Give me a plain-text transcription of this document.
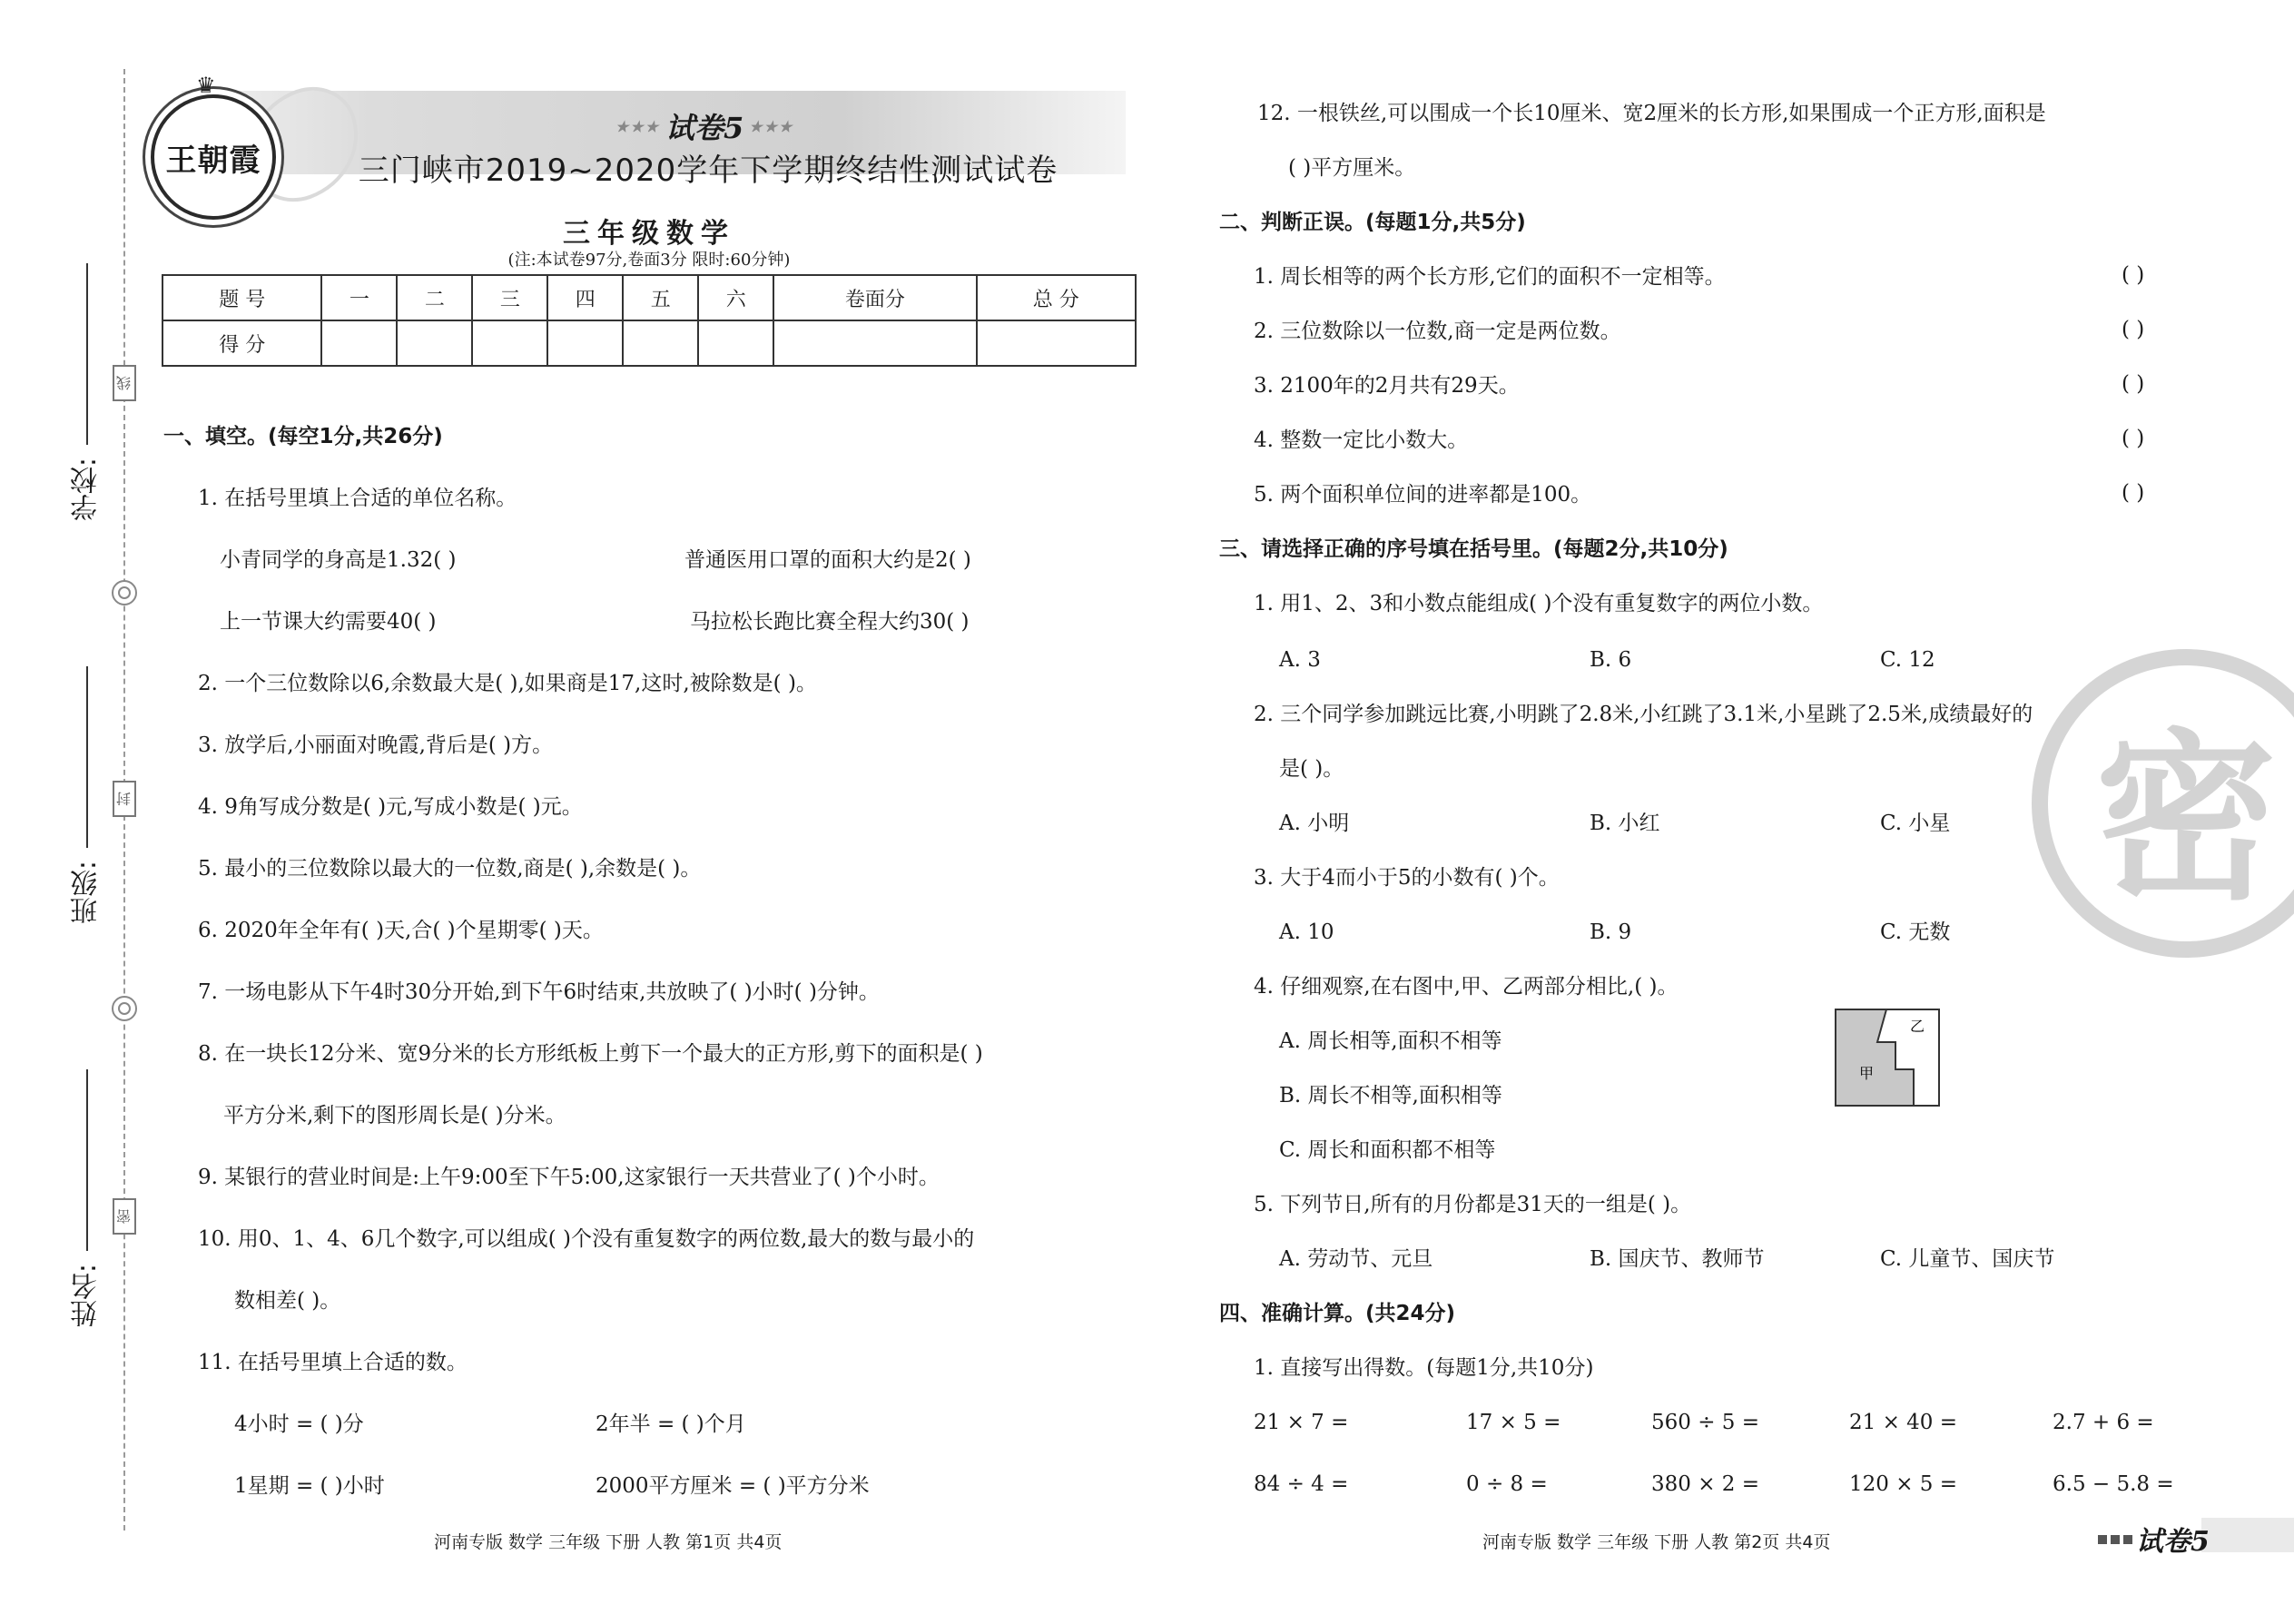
学校:
班级:
姓名:
线
封
密
♛
王朝霞
★★★ 试卷5 ★★★
三门峡市2019~2020学年下学期终结性测试试卷
三年级数学
(注:本试卷97分,卷面3分 限时:60分钟)
题 号	一	二	三	四	五	六	卷面分	总 分
得 分								
一、填空。(每空1分,共26分)
1. 在括号里填上合适的单位名称。
小青同学的身高是1.32( )	普通医用口罩的面积大约是2( )
上一节课大约需要40( )	马拉松长跑比赛全程大约30( )
2. 一个三位数除以6,余数最大是( ),如果商是17,这时,被除数是( )。
3. 放学后,小丽面对晚霞,背后是( )方。
4. 9角写成分数是( )元,写成小数是( )元。
5. 最小的三位数除以最大的一位数,商是( ),余数是( )。
6. 2020年全年有( )天,合( )个星期零( )天。
7. 一场电影从下午4时30分开始,到下午6时结束,共放映了( )小时( )分钟。
8. 在一块长12分米、宽9分米的长方形纸板上剪下一个最大的正方形,剪下的面积是( )
平方分米,剩下的图形周长是( )分米。
9. 某银行的营业时间是:上午9:00至下午5:00,这家银行一天共营业了( )个小时。
10. 用0、1、4、6几个数字,可以组成( )个没有重复数字的两位数,最大的数与最小的
数相差( )。
11. 在括号里填上合适的数。
4小时 = ( )分	2年半 = ( )个月
1星期 = ( )小时	2000平方厘米 = ( )平方分米
河南专版 数学 三年级 下册 人教 第1页 共4页
密
12. 一根铁丝,可以围成一个长10厘米、宽2厘米的长方形,如果围成一个正方形,面积是
( )平方厘米。
二、判断正误。(每题1分,共5分)
1. 周长相等的两个长方形,它们的面积不一定相等。	( )
2. 三位数除以一位数,商一定是两位数。	( )
3. 2100年的2月共有29天。	( )
4. 整数一定比小数大。	( )
5. 两个面积单位间的进率都是100。	( )
三、请选择正确的序号填在括号里。(每题2分,共10分)
1. 用1、2、3和小数点能组成( )个没有重复数字的两位小数。
A. 3	B. 6	C. 12
2. 三个同学参加跳远比赛,小明跳了2.8米,小红跳了3.1米,小星跳了2.5米,成绩最好的
是( )。
A. 小明	B. 小红	C. 小星
3. 大于4而小于5的小数有( )个。
A. 10	B. 9	C. 无数
4. 仔细观察,在右图中,甲、乙两部分相比,( )。
A. 周长相等,面积不相等
B. 周长不相等,面积相等
C. 周长和面积都不相等
甲
乙
5. 下列节日,所有的月份都是31天的一组是( )。
A. 劳动节、元旦	B. 国庆节、教师节	C. 儿童节、国庆节
四、准确计算。(共24分)
1. 直接写出得数。(每题1分,共10分)
21 × 7 =	17 × 5 =	560 ÷ 5 =	21 × 40 =	2.7 + 6 =
84 ÷ 4 =	0 ÷ 8 =	380 × 2 =	120 × 5 =	6.5 − 5.8 =
河南专版 数学 三年级 下册 人教 第2页 共4页	试卷5
